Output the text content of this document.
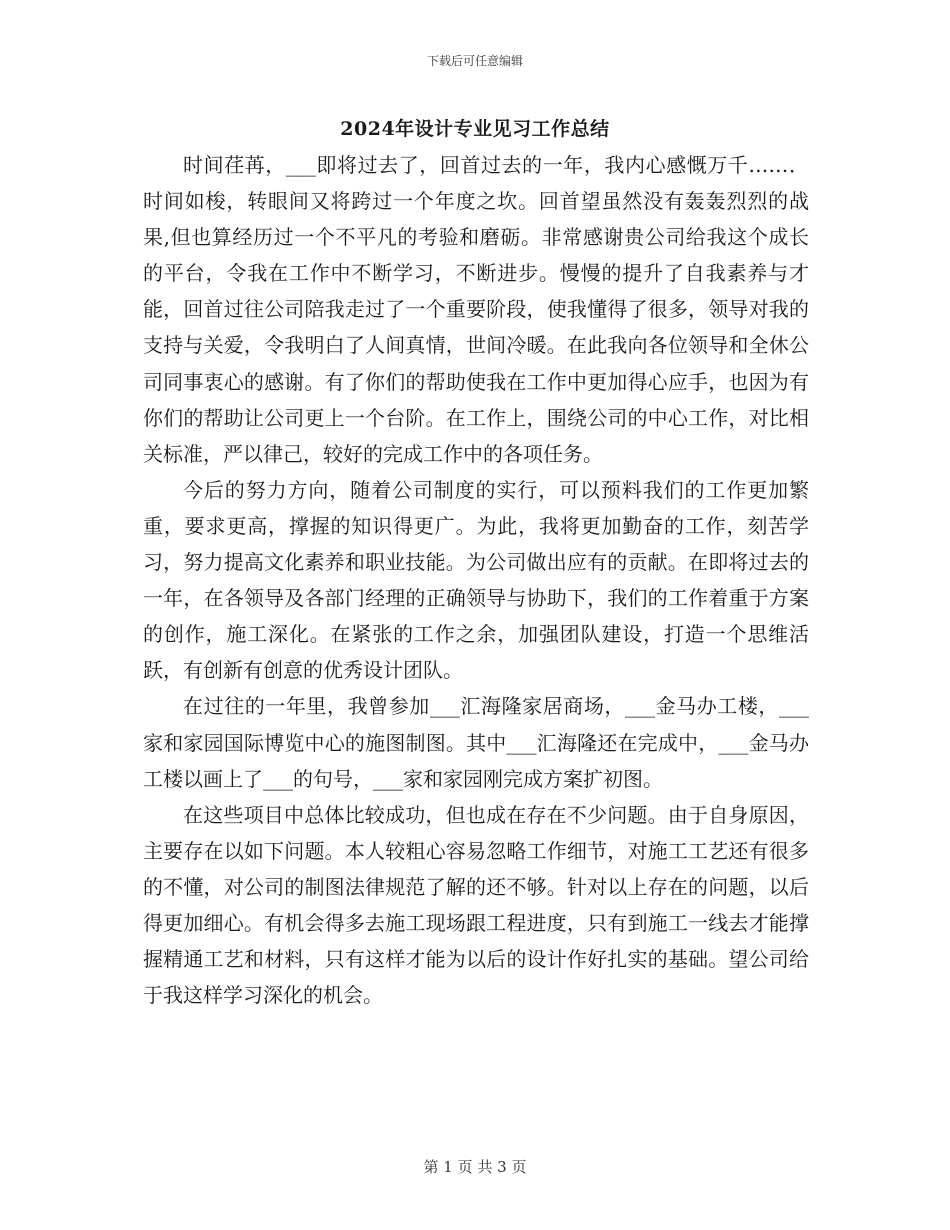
下载后可任意编辑
2024年设计专业见习工作总结

时间荏苒，___即将过去了，回首过去的一年，我内心感慨万千……．时间如梭，转眼间又将跨过一个年度之坎。回首望虽然没有轰轰烈烈的战果,但也算经历过一个不平凡的考验和磨砺。非常感谢贵公司给我这个成长的平台，令我在工作中不断学习，不断进步。慢慢的提升了自我素养与才能，回首过往公司陪我走过了一个重要阶段，使我懂得了很多，领导对我的支持与关爱，令我明白了人间真情，世间冷暖。在此我向各位领导和全休公司同事衷心的感谢。有了你们的帮助使我在工作中更加得心应手，也因为有你们的帮助让公司更上一个台阶。在工作上，围绕公司的中心工作，对比相关标准，严以律己，较好的完成工作中的各项任务。

今后的努力方向，随着公司制度的实行，可以预料我们的工作更加繁重，要求更高，撑握的知识得更广。为此，我将更加勤奋的工作，刻苦学习，努力提高文化素养和职业技能。为公司做出应有的贡献。在即将过去的一年，在各领导及各部门经理的正确领导与协助下，我们的工作着重于方案的创作，施工深化。在紧张的工作之余，加强团队建设，打造一个思维活跃，有创新有创意的优秀设计团队。

在过往的一年里，我曾参加___汇海隆家居商场，___金马办工楼，___家和家园国际博览中心的施图制图。其中___汇海隆还在完成中，___金马办工楼以画上了___的句号，___家和家园刚完成方案扩初图。

在这些项目中总体比较成功，但也成在存在不少问题。由于自身原因，主要存在以如下问题。本人较粗心容易忽略工作细节，对施工工艺还有很多的不懂，对公司的制图法律规范了解的还不够。针对以上存在的问题，以后得更加细心。有机会得多去施工现场跟工程进度，只有到施工一线去才能撑握精通工艺和材料，只有这样才能为以后的设计作好扎实的基础。望公司给于我这样学习深化的机会。

第 1 页 共 3 页
